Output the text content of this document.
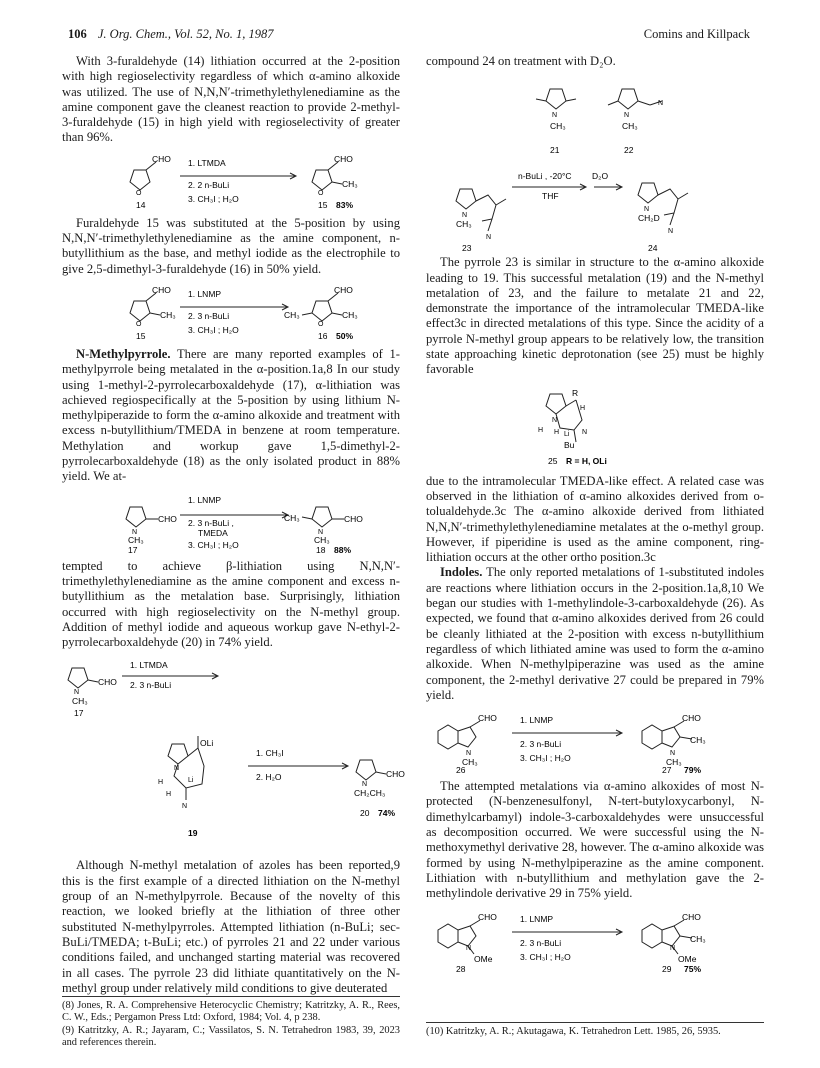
106 J. Org. Chem., Vol. 52, No. 1, 1987	Comins and Killpack

With 3-furaldehyde (14) lithiation occurred at the 2-position with high regioselectivity regardless of which α-amino alkoxide was utilized. The use of N,N,N′-trimethylethylenediamine as the amine component gave the cleanest reaction to provide 2-methyl-3-furaldehyde (15) in high yield with regioselectivity of greater than 96%.

O	O
CHO	CHO
CH₃
1. LTMDA
2. 2 n-BuLi
3. CH₃I ; H₂O
14	15 83%

Furaldehyde 15 was substituted at the 5-position by using N,N,N′-trimethylethylenediamine as the amine component, n-butyllithium as the base, and methyl iodide as the electrophile to give 2,5-dimethyl-3-furaldehyde (16) in 50% yield.

O	O
CHO
CH₃
CHO
CH₃
CH₃
1. LNMP
2. 3 n-BuLi
3. CH₃I ; H₂O
15	16 50%

N-Methylpyrrole. There are many reported examples of 1-methylpyrrole being metalated in the α-position.1a,8 In our study using 1-methyl-2-pyrrolecarboxaldehyde (17), α-lithiation was achieved regiospecifically at the 5-position by using lithium N-methylpiperazide to form the α-amino alkoxide and treatment with excess n-butyllithium/TMEDA in benzene at room temperature. Methylation and workup gave 1,5-dimethyl-2-pyrrolecarboxaldehyde (18) as the only isolated product in 88% yield. We at-

N	N
CHO	CHO
CH₃	CH₃
CH₃
1. LNMP
2. 3 n-BuLi ,
TMEDA
3. CH₃I ; H₂O
17	18 88%

tempted to achieve β-lithiation using N,N,N′-trimethylethylenediamine as the amine component and excess n-butyllithium as the metalation base. Surprisingly, lithiation occurred with high regioselectivity on the N-methyl group. Addition of methyl iodide and aqueous workup gave N-ethyl-2-pyrrolecarboxaldehyde (20) in 74% yield.

N
CHO
CH₃
17
1. LTMDA
2. 3 n-BuLi
OLi
N
H
H
Li
N
19
1. CH₃I
2. H₂O
N
CHO
CH₂CH₃
20 74%

Although N-methyl metalation of azoles has been reported,9 this is the first example of a directed lithiation on the N-methyl group of an N-methylpyrrole. Because of the novelty of this reaction, we looked briefly at the lithiation of three other substituted N-methylpyrroles. Attempted lithiation (n-BuLi; sec-BuLi/TMEDA; t-BuLi; etc.) of pyrroles 21 and 22 under various conditions failed, and unchanged starting material was recovered in all cases. The pyrrole 23 did lithiate quantitatively on the N-methyl group under relatively mild conditions to give deuterated

compound 24 on treatment with D₂O.

N
CH₃
N
CH₃
N
21	22
N
CH₃
N
n-BuLi , -20°C D₂O
THF
N
CH₂D
N
23	24

The pyrrole 23 is similar in structure to the α-amino alkoxide leading to 19. This successful metalation (19) and the N-methyl metalation of 23, and the failure to metalate 21 and 22, demonstrate the importance of the intramolecular TMEDA-like effect3c in directed metalations of this type. Since the acidity of a pyrrole N-methyl group appears to be relatively low, the transition state approaching kinetic deprotonation (see 25) must be highly favorable

R
H
N
H H Li N
Bu
25 R = H, OLi

due to the intramolecular TMEDA-like effect. A related case was observed in the lithiation of α-amino alkoxides derived from o-tolualdehyde.3c The α-amino alkoxide derived from lithiated N,N,N′-trimethylethylenediamine metalates at the o-methyl group. However, if piperidine is used as the amine component, ring-lithiation occurs at the other ortho position.3c

Indoles. The only reported metalations of 1-substituted indoles are reactions where lithiation occurs in the 2-position.1a,8,10 We began our studies with 1-methylindole-3-carboxaldehyde (26). As expected, we found that α-amino alkoxides derived from 26 could be cleanly lithiated at the 2-position with excess n-butyllithium regardless of which lithiated amine was used to form the α-amino alkoxide. When N-methylpiperazine was used as the amine component, the 2-methyl derivative 27 could be prepared in 79% yield.

N
CH₃
CHO	1. LNMP
2. 3 n-BuLi
3. CH₃I ; H₂O	N
CH₃
CHO
CH₃
26	27 79%

The attempted metalations via α-amino alkoxides of most N-protected (N-benzenesulfonyl, N-tert-butyloxycarbonyl, N-dimethylcarbamyl) indole-3-carboxaldehydes were unsuccessful as decomposition occurred. We were successful using the N-methoxymethyl derivative 28, however. The α-amino alkoxide was formed by using N-methylpiperazine as the amine component. Lithiation with n-butyllithium and methylation gave the 2-methylindole derivative 29 in 75% yield.

N
OMe
CHO	1. LNMP
2. 3 n-BuLi
3. CH₃I ; H₂O
N
OMe
CHO
CH₃
28	29 75%
(8) Jones, R. A. Comprehensive Heterocyclic Chemistry; Katritzky, A. R., Rees, C. W., Eds.; Pergamon Press Ltd: Oxford, 1984; Vol. 4, p 238.
(9) Katritzky, A. R.; Jayaram, C.; Vassilatos, S. N. Tetrahedron 1983, 39, 2023 and references therein.
(10) Katritzky, A. R.; Akutagawa, K. Tetrahedron Lett. 1985, 26, 5935.
